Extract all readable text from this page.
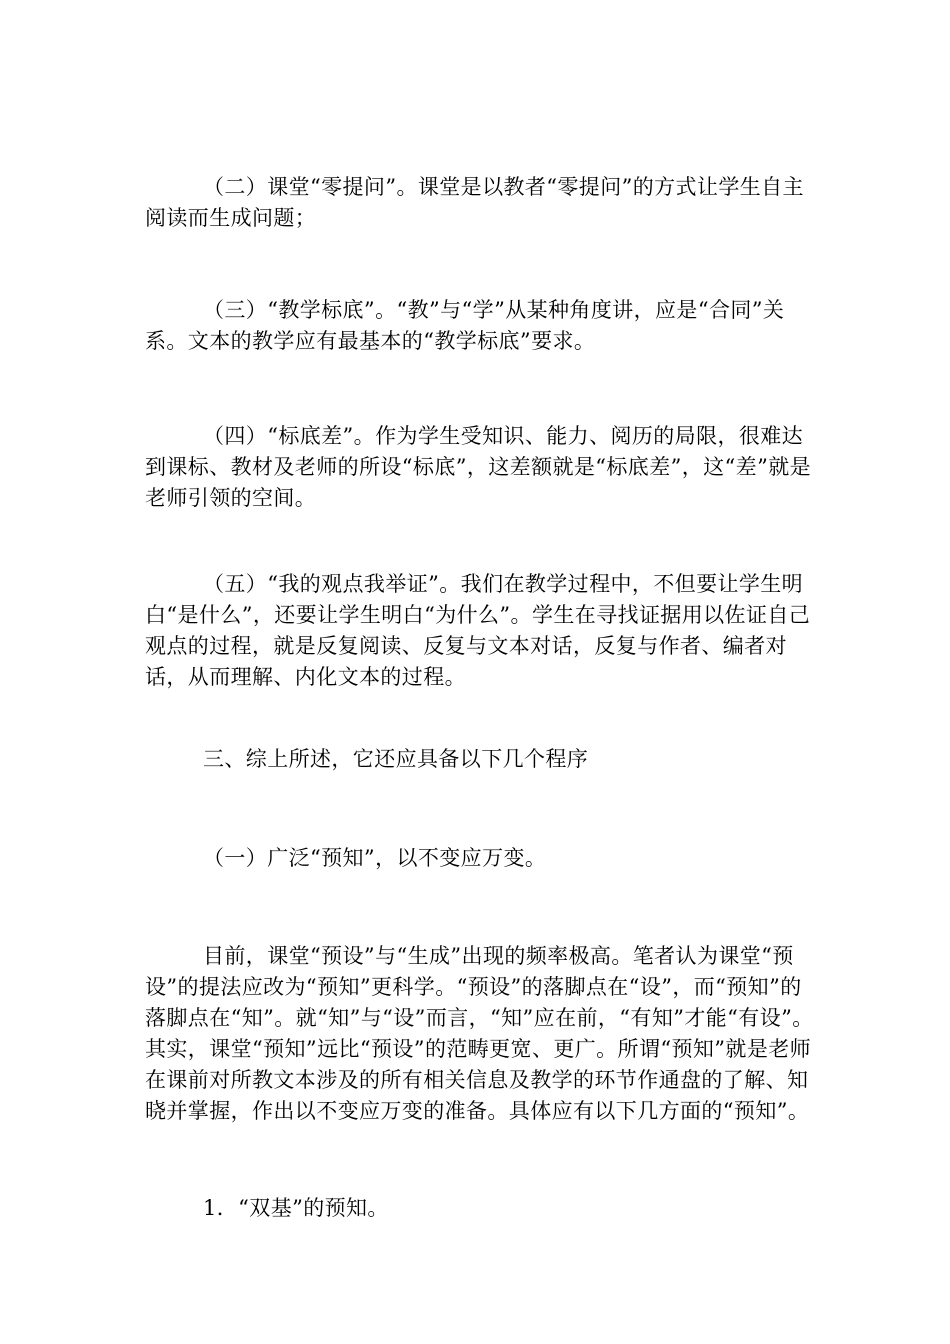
（二）课堂“零提问”。课堂是以教者“零提问”的方式让学生自主阅读而生成问题；

（三）“教学标底”。“教”与“学”从某种角度讲，应是“合同”关系。文本的教学应有最基本的“教学标底”要求。

（四）“标底差”。作为学生受知识、能力、阅历的局限，很难达到课标、教材及老师的所设“标底”，这差额就是“标底差”，这“差”就是老师引领的空间。

（五）“我的观点我举证”。我们在教学过程中，不但要让学生明白“是什么”，还要让学生明白“为什么”。学生在寻找证据用以佐证自己观点的过程，就是反复阅读、反复与文本对话，反复与作者、编者对话，从而理解、内化文本的过程。

三、综上所述，它还应具备以下几个程序

（一）广泛“预知”，以不变应万变。

目前，课堂“预设”与“生成”出现的频率极高。笔者认为课堂“预设”的提法应改为“预知”更科学。“预设”的落脚点在“设”，而“预知”的落脚点在“知”。就“知”与“设”而言，“知”应在前，“有知”才能“有设”。其实，课堂“预知”远比“预设”的范畴更宽、更广。所谓“预知”就是老师在课前对所教文本涉及的所有相关信息及教学的环节作通盘的了解、知晓并掌握，作出以不变应万变的准备。具体应有以下几方面的“预知”。

1．“双基”的预知。
